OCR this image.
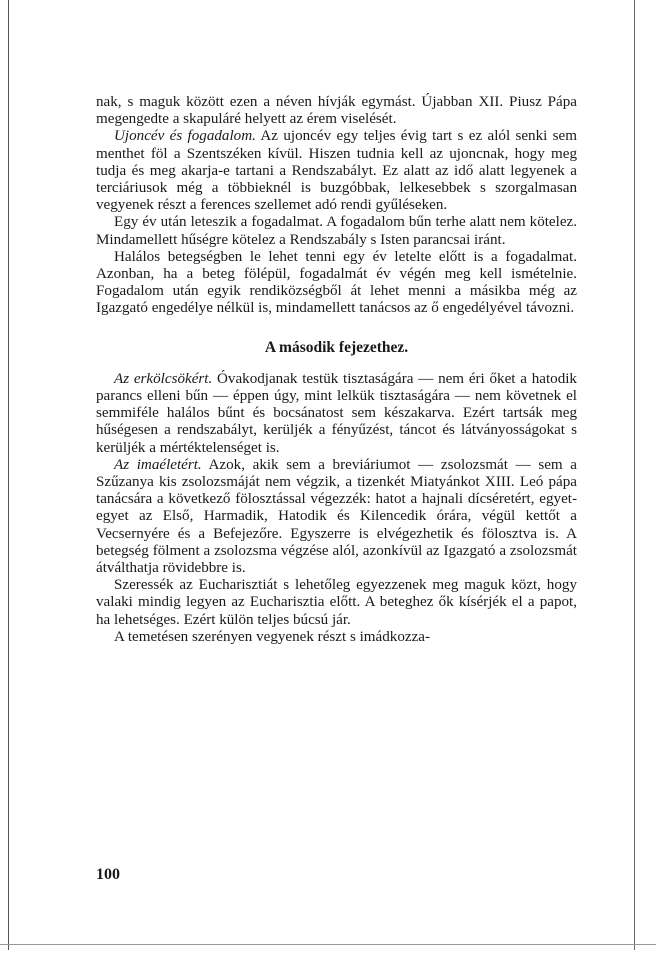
nak, s maguk között ezen a néven hívják egymást. Újabban XII. Piusz Pápa megengedte a skapuláré helyett az érem viselését.

Ujoncév és fogadalom. Az ujoncév egy teljes évig tart s ez alól senki sem menthet föl a Szentszéken kívül. Hiszen tudnia kell az ujoncnak, hogy meg tudja és meg akarja-e tartani a Rendszabályt. Ez alatt az idő alatt legyenek a terciáriusok még a többieknél is buzgóbbak, lelkesebbek s szorgalmasan vegyenek részt a ferences szellemet adó rendi gyűléseken.

Egy év után leteszik a fogadalmat. A fogadalom bűn terhe alatt nem kötelez. Mindamellett hűségre kötelez a Rendszabály s Isten parancsai iránt.

Halálos betegségben le lehet tenni egy év letelte előtt is a fogadalmat. Azonban, ha a beteg fölépül, fogadalmát év végén meg kell ismételnie. Fogadalom után egyik rendiközségből át lehet menni a másikba még az Igazgató engedélye nélkül is, mindamellett tanácsos az ő engedélyével távozni.

A második fejezethez.

Az erkölcsökért. Óvakodjanak testük tisztaságára — nem éri őket a hatodik parancs elleni bűn — éppen úgy, mint lelkük tisztaságára — nem követnek el semmiféle halálos bűnt és bocsánatost sem készakarva. Ezért tartsák meg hűségesen a rendszabályt, kerüljék a fényűzést, táncot és látványosságokat s kerüljék a mértéktelenséget is.

Az imaéletért. Azok, akik sem a breviáriumot — zsolozsmát — sem a Szűzanya kis zsolozsmáját nem végzik, a tizenkét Miatyánkot XIII. Leó pápa tanácsára a következő fölosztással végezzék: hatot a hajnali dícséretért, egyet-egyet az Első, Harmadik, Hatodik és Kilencedik órára, végül kettőt a Vecsernyére és a Befejezőre. Egyszerre is elvégezhetik és fölosztva is. A betegség fölment a zsolozsma végzése alól, azonkívül az Igazgató a zsolozsmát átválthatja rövidebbre is.

Szeressék az Eucharisztiát s lehetőleg egyezzenek meg maguk közt, hogy valaki mindig legyen az Eucharisztia előtt. A beteghez ők kísérjék el a papot, ha lehetséges. Ezért külön teljes búcsú jár.

A temetésen szerényen vegyenek részt s imádkozza-

100
